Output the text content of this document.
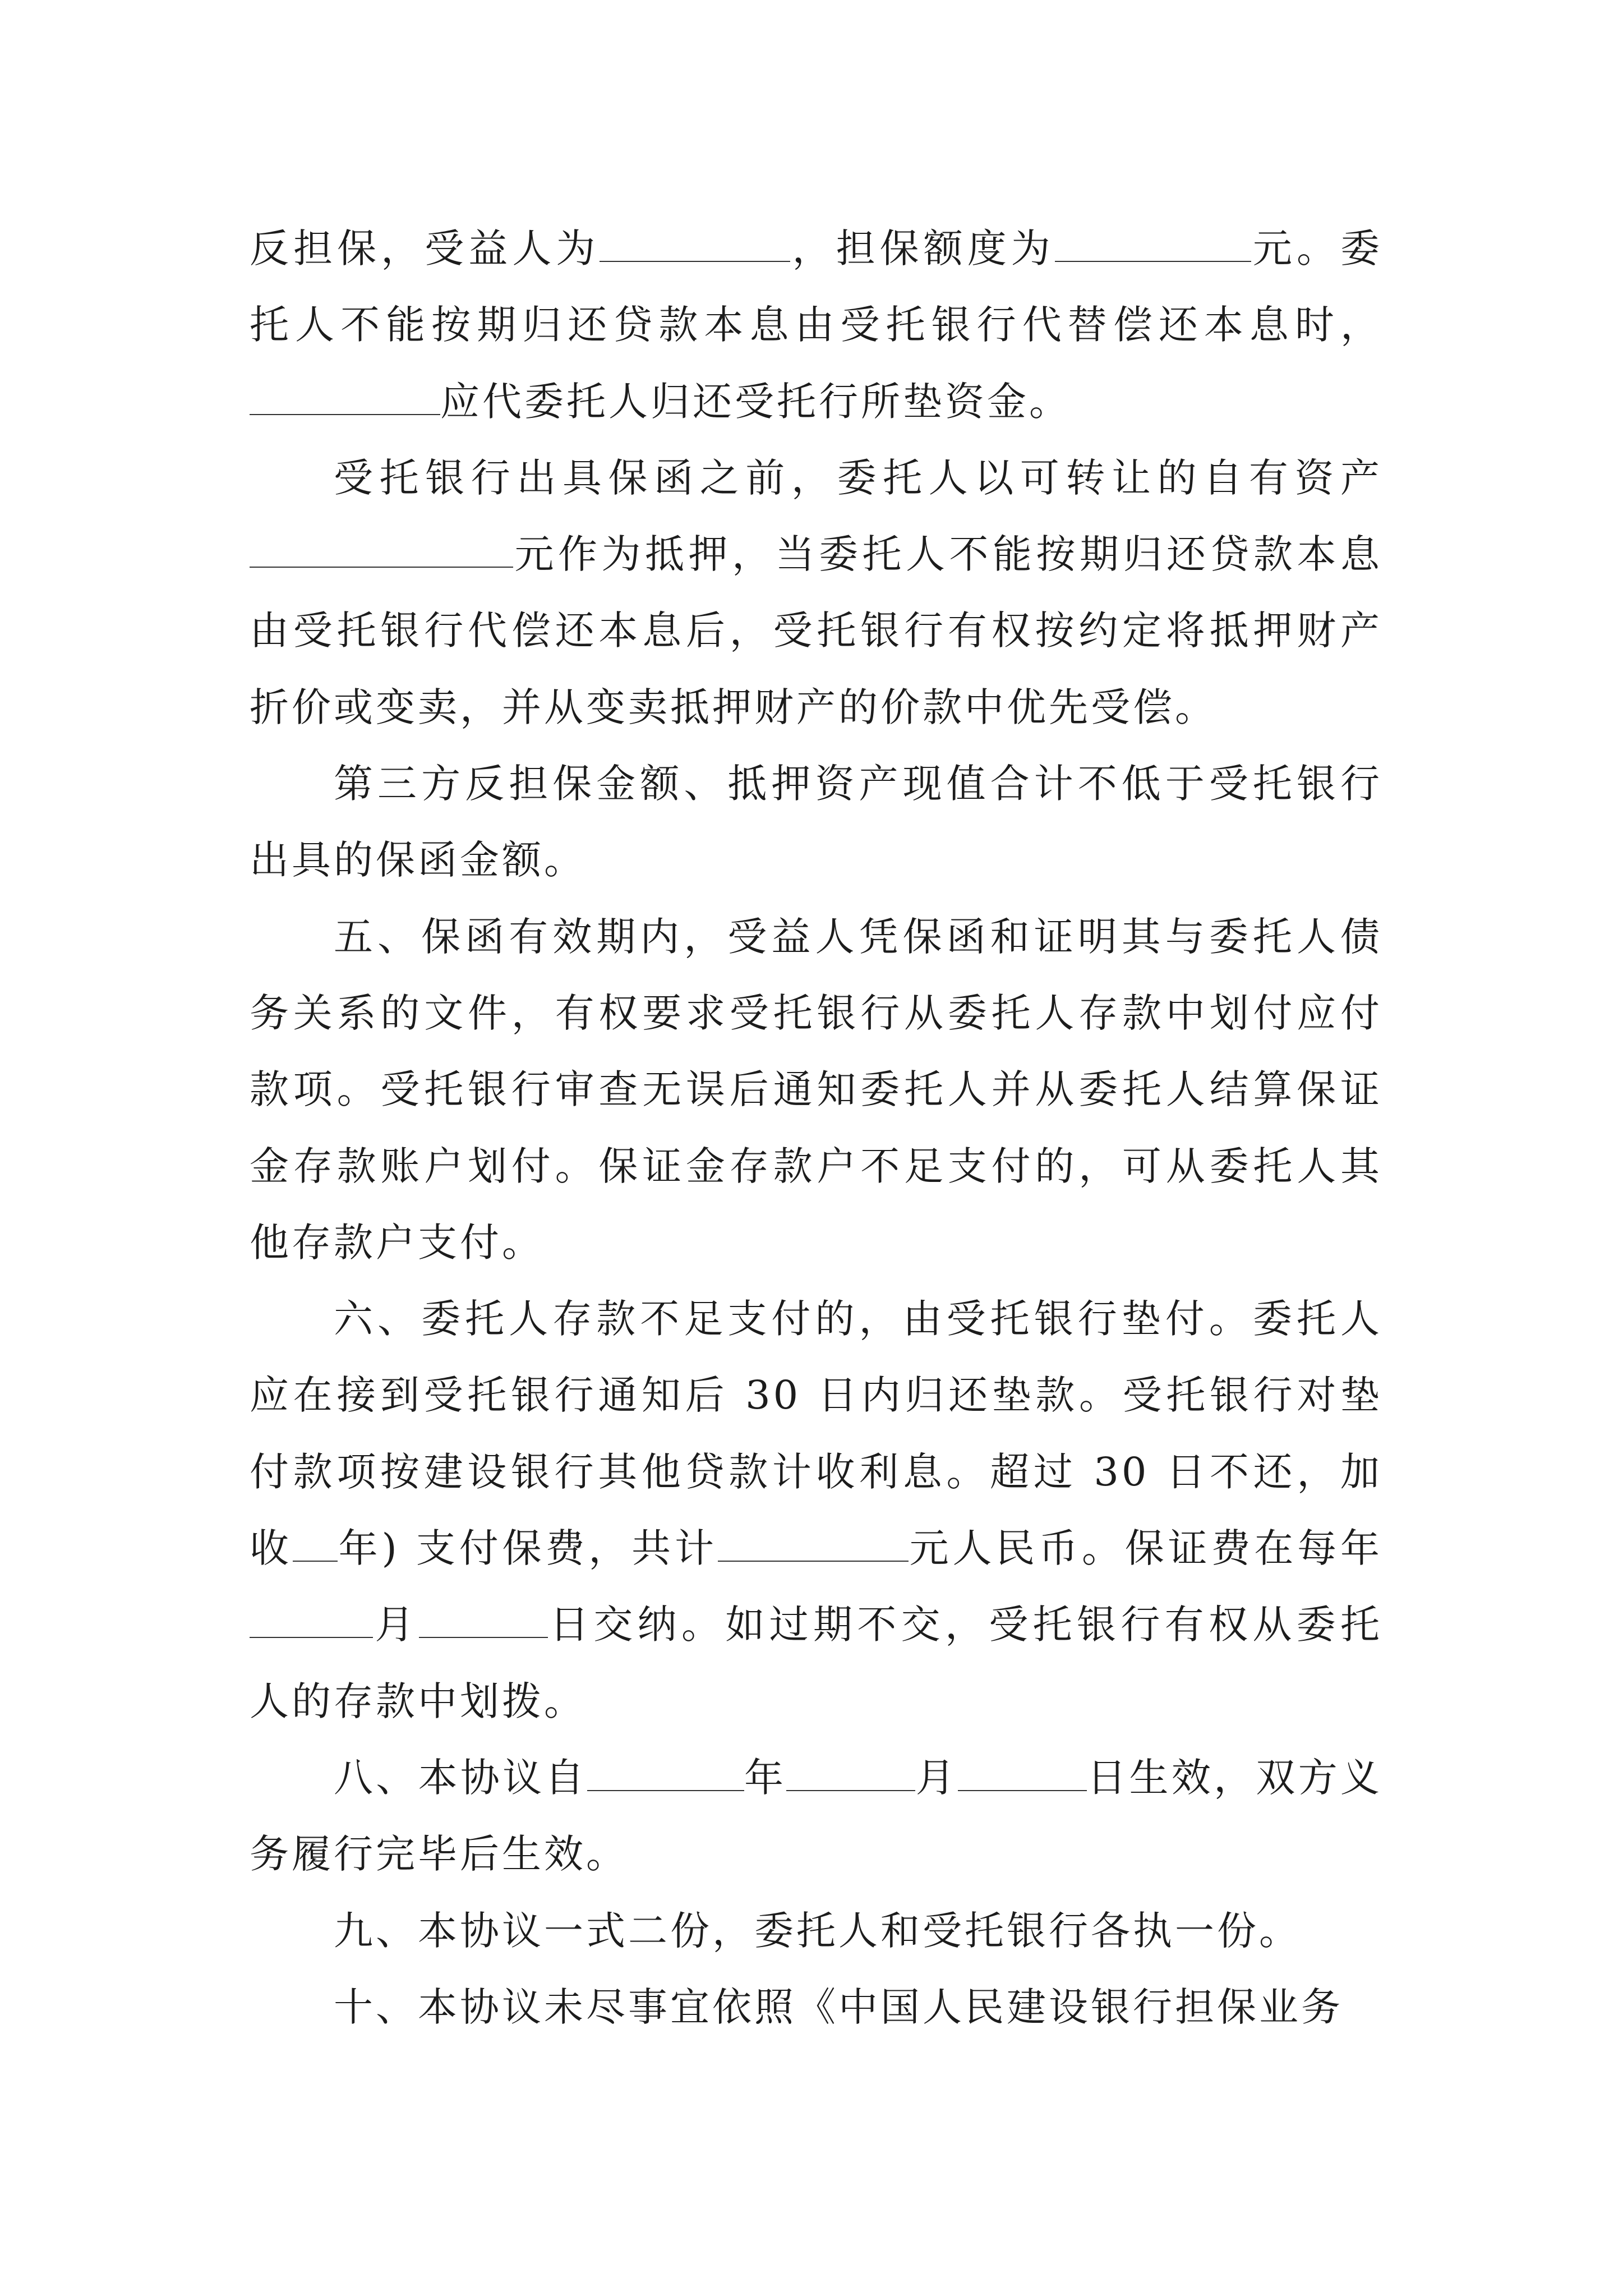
反担保，受益人为	，担保额度为	元。委托人不能按期归还贷款本息由受托银行代替偿还本息时，应代委托人归还受托行所垫资金。

受托银行出具保函之前，委托人以可转让的自有资产元作为抵押，当委托人不能按期归还贷款本息由受托银行代偿还本息后，受托银行有权按约定将抵押财产折价或变卖，并从变卖抵押财产的价款中优先受偿。

第三方反担保金额、抵押资产现值合计不低于受托银行出具的保函金额。

五、保函有效期内，受益人凭保函和证明其与委托人债务关系的文件，有权要求受托银行从委托人存款中划付应付款项。受托银行审查无误后通知委托人并从委托人结算保证金存款账户划付。保证金存款户不足支付的，可从委托人其他存款户支付。

六、委托人存款不足支付的，由受托银行垫付。委托人应在接到受托银行通知后 30 日内归还垫款。受托银行对垫付款项按建设银行其他贷款计收利息。超过 30 日不还，加收 年) 支付保费，共计	元人民币。保证费在每年月	日交纳。如过期不交，受托银行有权从委托人的存款中划拨。

八、本协议自	年	月	日生效，双方义务履行完毕后生效。

九、本协议一式二份，委托人和受托银行各执一份。

十、本协议未尽事宜依照《中国人民建设银行担保业务
